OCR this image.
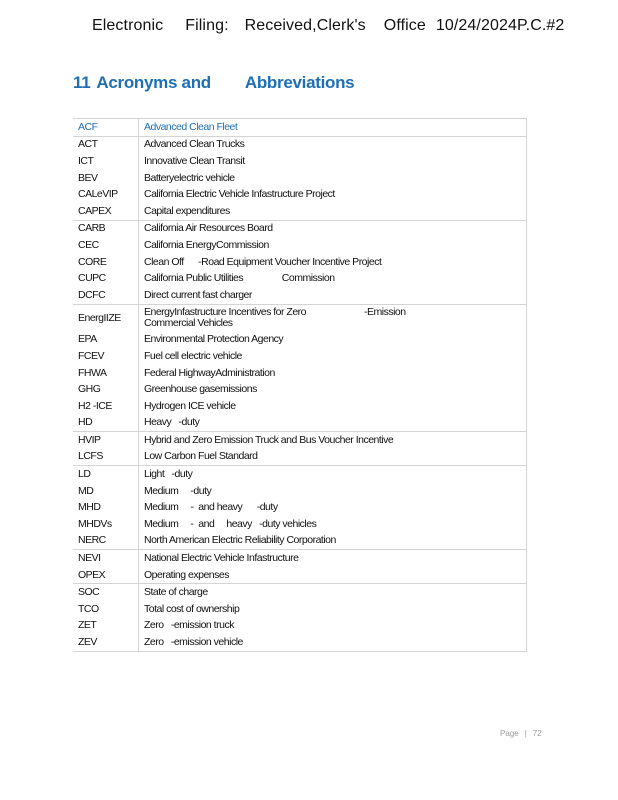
Electronic Filing: Received,Clerk's Office 10/24/2024P.C.#2
11 Acronyms and Abbreviations
ACF	Advanced Clean Fleet
ACT	Advanced Clean Trucks
ICT	Innovative Clean Transit
BEV	Batteryelectric vehicle
CALeVIP	California Electric Vehicle Infastructure Project
CAPEX	Capital expenditures
CARB	California Air Resources Board
CEC	California EnergyCommission
CORE	Clean Off      -Road Equipment Voucher Incentive Project
CUPC	California Public Utilities                Commission
DCFC	Direct current fast charger
EnergIIZE	EnergyInfastructure Incentives for Zero                        -Emission Commercial Vehicles
EPA	Environmental Protection Agency
FCEV	Fuel cell electric vehicle
FHWA	Federal HighwayAdministration
GHG	Greenhouse gasemissions
H2 -ICE	Hydrogen ICE vehicle
HD	Heavy   -duty
HVIP	Hybrid and Zero Emission Truck and Bus Voucher Incentive
LCFS	Low Carbon Fuel Standard
LD	Light   -duty
MD	Medium     -duty
MHD	Medium     -  and heavy      -duty
MHDVs	Medium     -  and     heavy   -duty vehicles
NERC	North American Electric Reliability Corporation
NEVI	National Electric Vehicle Infastructure
OPEX	Operating expenses
SOC	State of charge
TCO	Total cost of ownership
ZET	Zero   -emission truck
ZEV	Zero   -emission vehicle
Page | 72
